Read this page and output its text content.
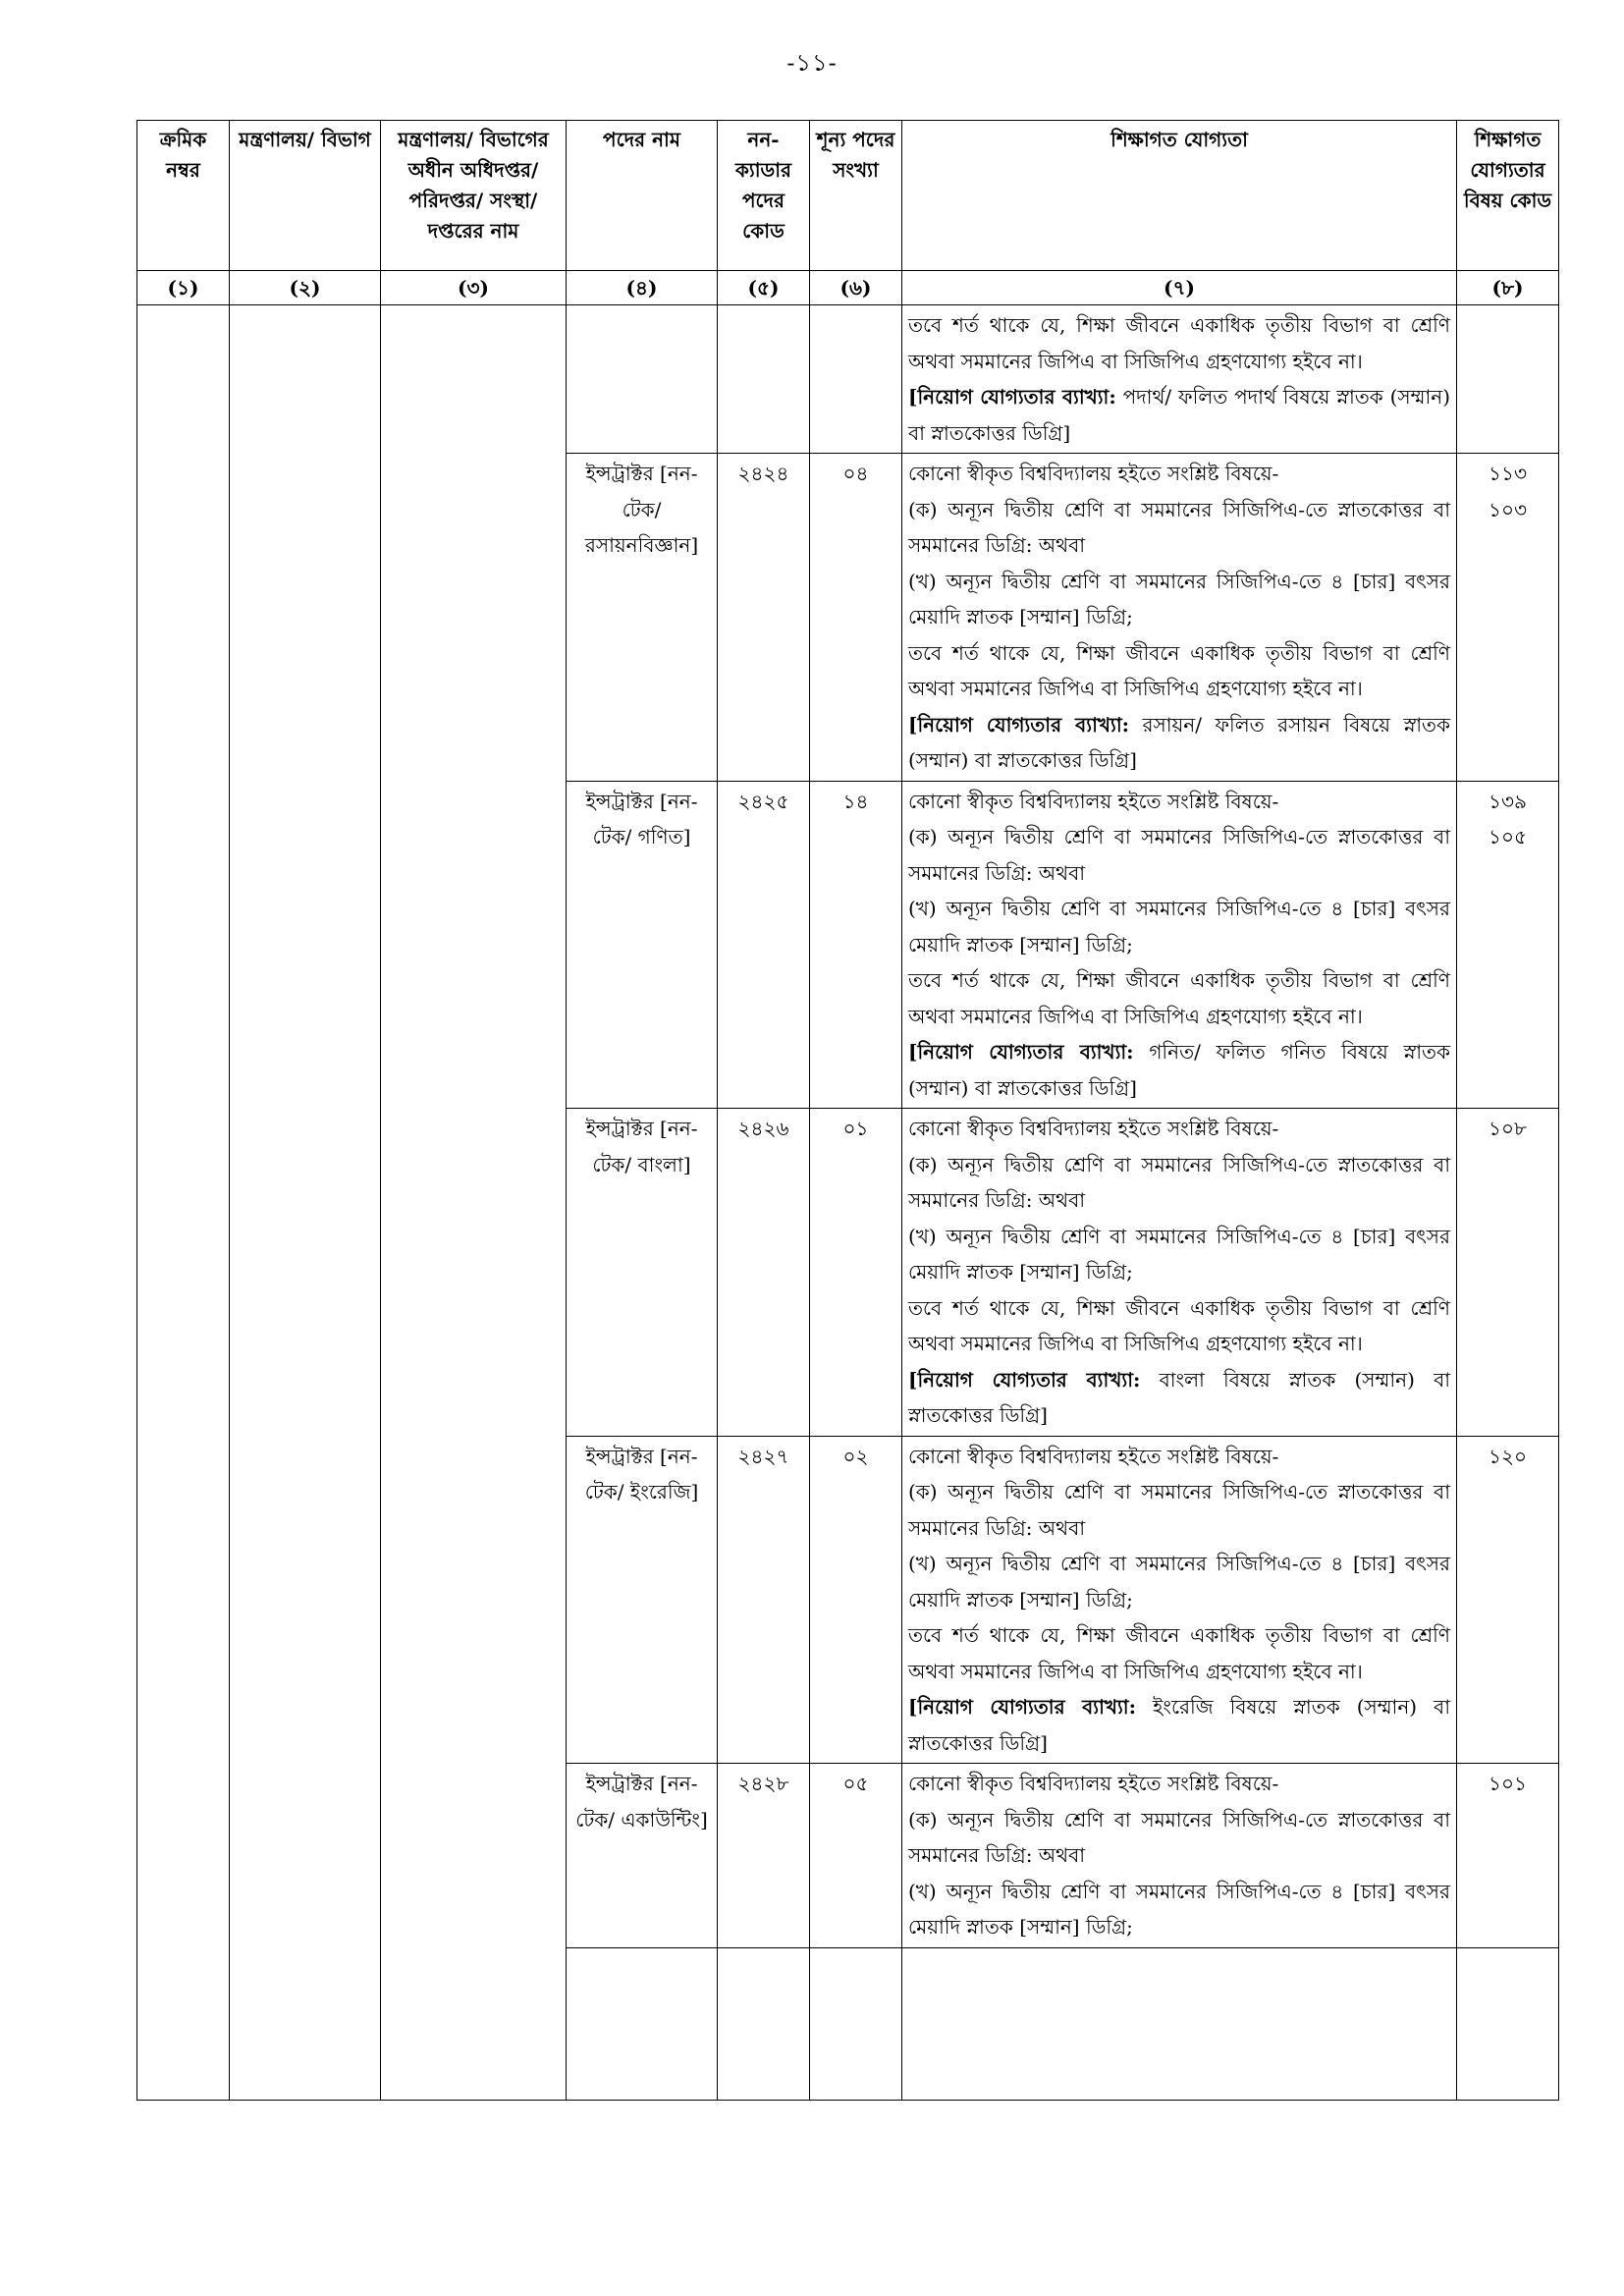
-১১-
ক্রমিক নম্বর	মন্ত্রণালয়/ বিভাগ	মন্ত্রণালয়/ বিভাগের অধীন অধিদপ্তর/ পরিদপ্তর/ সংস্থা/ দপ্তরের নাম	পদের নাম	নন- ক্যাডার পদের কোড	শূন্য পদের সংখ্যা	শিক্ষাগত যোগ্যতা	শিক্ষাগত যোগ্যতার বিষয় কোড
(১)	(২)	(৩)	(৪)	(৫)	(৬)	(৭)	(৮)

						তবে শর্ত থাকে যে, শিক্ষা জীবনে একাধিক তৃতীয় বিভাগ বা শ্রেণি অথবা সমমানের জিপিএ বা সিজিপিএ গ্রহণযোগ্য হইবে না।
[নিয়োগ যোগ্যতার ব্যাখ্যা: পদার্থ/ ফলিত পদার্থ বিষয়ে স্নাতক (সম্মান) বা স্নাতকোত্তর ডিগ্রি]	

			ইন্সট্রাক্টর [নন-টেক/ রসায়নবিজ্ঞান]	২৪২৪	০৪	কোনো স্বীকৃত বিশ্ববিদ্যালয় হইতে সংশ্লিষ্ট বিষয়ে-
(ক) অন্যূন দ্বিতীয় শ্রেণি বা সমমানের সিজিপিএ-তে স্নাতকোত্তর বা সমমানের ডিগ্রি: অথবা
(খ) অন্যূন দ্বিতীয় শ্রেণি বা সমমানের সিজিপিএ-তে ৪ [চার] বৎসর মেয়াদি স্নাতক [সম্মান] ডিগ্রি;
তবে শর্ত থাকে যে, শিক্ষা জীবনে একাধিক তৃতীয় বিভাগ বা শ্রেণি অথবা সমমানের জিপিএ বা সিজিপিএ গ্রহণযোগ্য হইবে না।
[নিয়োগ যোগ্যতার ব্যাখ্যা: রসায়ন/ ফলিত রসায়ন বিষয়ে স্নাতক (সম্মান) বা স্নাতকোত্তর ডিগ্রি]	১১৩
১০৩

			ইন্সট্রাক্টর [নন-টেক/ গণিত]	২৪২৫	১৪	কোনো স্বীকৃত বিশ্ববিদ্যালয় হইতে সংশ্লিষ্ট বিষয়ে-
(ক) অন্যূন দ্বিতীয় শ্রেণি বা সমমানের সিজিপিএ-তে স্নাতকোত্তর বা সমমানের ডিগ্রি: অথবা
(খ) অন্যূন দ্বিতীয় শ্রেণি বা সমমানের সিজিপিএ-তে ৪ [চার] বৎসর মেয়াদি স্নাতক [সম্মান] ডিগ্রি;
তবে শর্ত থাকে যে, শিক্ষা জীবনে একাধিক তৃতীয় বিভাগ বা শ্রেণি অথবা সমমানের জিপিএ বা সিজিপিএ গ্রহণযোগ্য হইবে না।
[নিয়োগ যোগ্যতার ব্যাখ্যা: গনিত/ ফলিত গনিত বিষয়ে স্নাতক (সম্মান) বা স্নাতকোত্তর ডিগ্রি]	১৩৯
১০৫

			ইন্সট্রাক্টর [নন-টেক/ বাংলা]	২৪২৬	০১	কোনো স্বীকৃত বিশ্ববিদ্যালয় হইতে সংশ্লিষ্ট বিষয়ে-
(ক) অন্যূন দ্বিতীয় শ্রেণি বা সমমানের সিজিপিএ-তে স্নাতকোত্তর বা সমমানের ডিগ্রি: অথবা
(খ) অন্যূন দ্বিতীয় শ্রেণি বা সমমানের সিজিপিএ-তে ৪ [চার] বৎসর মেয়াদি স্নাতক [সম্মান] ডিগ্রি;
তবে শর্ত থাকে যে, শিক্ষা জীবনে একাধিক তৃতীয় বিভাগ বা শ্রেণি অথবা সমমানের জিপিএ বা সিজিপিএ গ্রহণযোগ্য হইবে না।
[নিয়োগ যোগ্যতার ব্যাখ্যা: বাংলা বিষয়ে স্নাতক (সম্মান) বা স্নাতকোত্তর ডিগ্রি]	১০৮

			ইন্সট্রাক্টর [নন-টেক/ ইংরেজি]	২৪২৭	০২	কোনো স্বীকৃত বিশ্ববিদ্যালয় হইতে সংশ্লিষ্ট বিষয়ে-
(ক) অন্যূন দ্বিতীয় শ্রেণি বা সমমানের সিজিপিএ-তে স্নাতকোত্তর বা সমমানের ডিগ্রি: অথবা
(খ) অন্যূন দ্বিতীয় শ্রেণি বা সমমানের সিজিপিএ-তে ৪ [চার] বৎসর মেয়াদি স্নাতক [সম্মান] ডিগ্রি;
তবে শর্ত থাকে যে, শিক্ষা জীবনে একাধিক তৃতীয় বিভাগ বা শ্রেণি অথবা সমমানের জিপিএ বা সিজিপিএ গ্রহণযোগ্য হইবে না।
[নিয়োগ যোগ্যতার ব্যাখ্যা: ইংরেজি বিষয়ে স্নাতক (সম্মান) বা স্নাতকোত্তর ডিগ্রি]	১২০

			ইন্সট্রাক্টর [নন-টেক/ একাউন্টিং]	২৪২৮	০৫	কোনো স্বীকৃত বিশ্ববিদ্যালয় হইতে সংশ্লিষ্ট বিষয়ে-
(ক) অন্যূন দ্বিতীয় শ্রেণি বা সমমানের সিজিপিএ-তে স্নাতকোত্তর বা সমমানের ডিগ্রি: অথবা
(খ) অন্যূন দ্বিতীয় শ্রেণি বা সমমানের সিজিপিএ-তে ৪ [চার] বৎসর মেয়াদি স্নাতক [সম্মান] ডিগ্রি;	১০১
